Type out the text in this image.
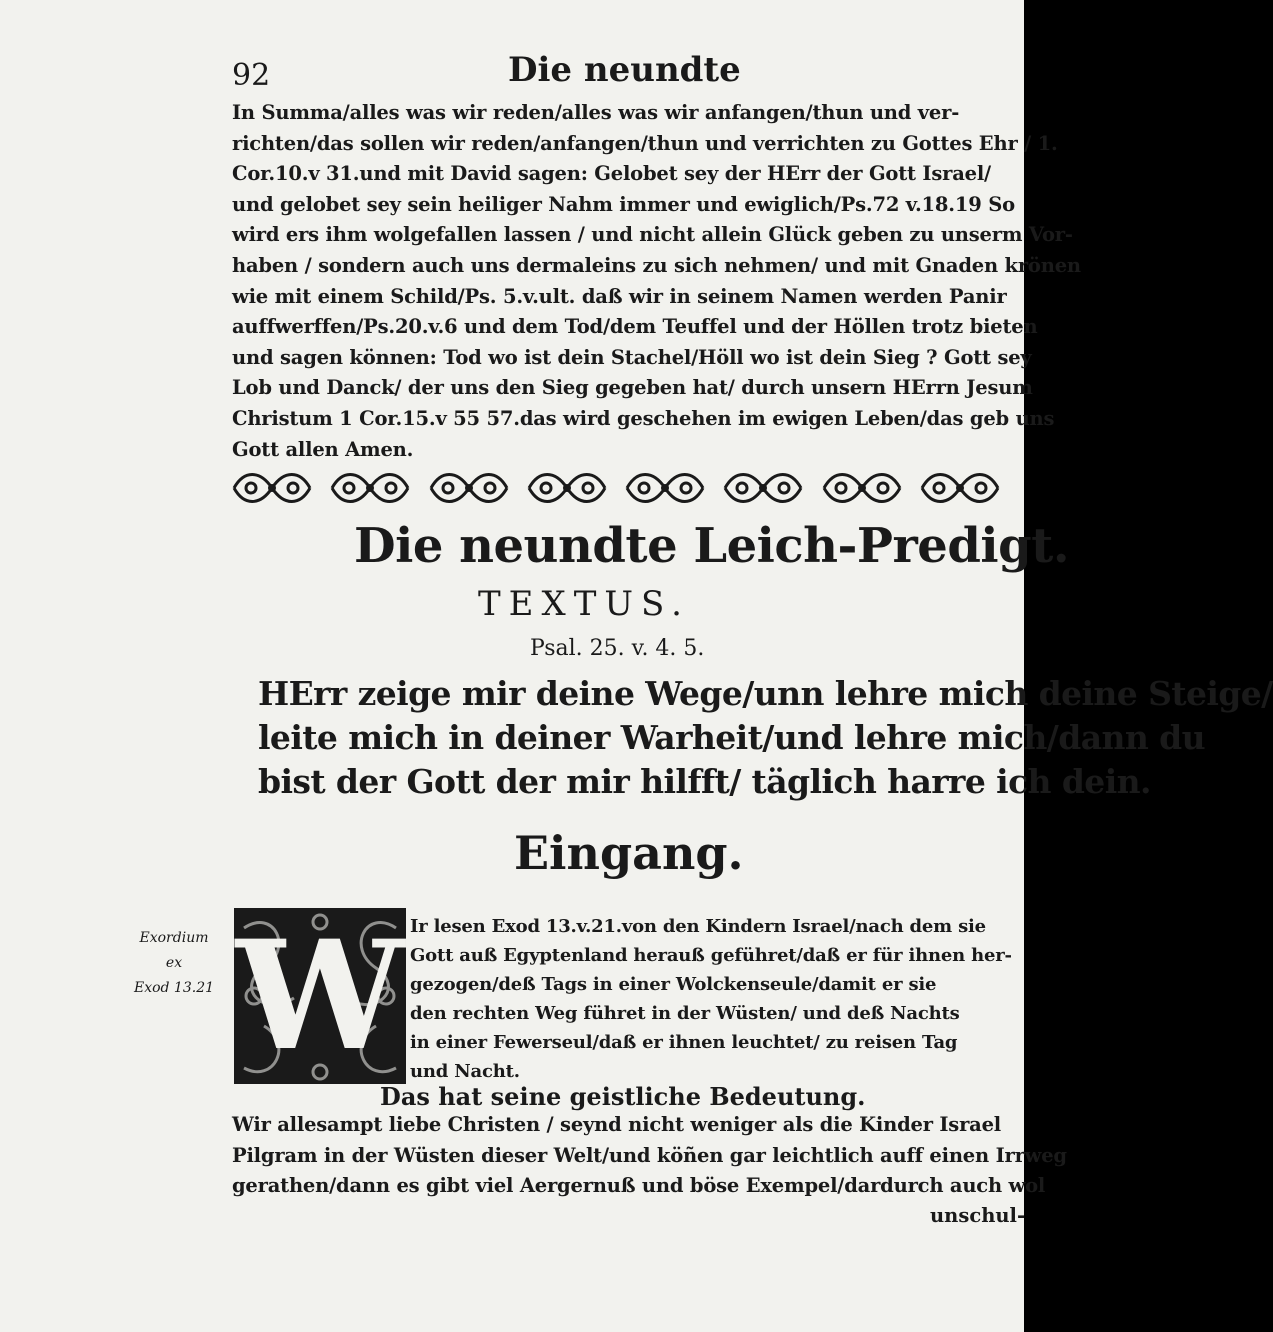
92	Die neundte
In Summa/alles was wir reden/alles was wir anfangen/thun und ver-
richten/das sollen wir reden/anfangen/thun und verrichten zu Gottes Ehr / 1.
Cor.10.v 31.und mit David sagen: Gelobet sey der HErr der Gott Israel/
und gelobet sey sein heiliger Nahm immer und ewiglich/Ps.72 v.18.19 So
wird ers ihm wolgefallen lassen / und nicht allein Glück geben zu unserm Vor-
haben / sondern auch uns dermaleins zu sich nehmen/ und mit Gnaden krönen
wie mit einem Schild/Ps. 5.v.ult. daß wir in seinem Namen werden Panir
auffwerffen/Ps.20.v.6 und dem Tod/dem Teuffel und der Höllen trotz bieten
und sagen können: Tod wo ist dein Stachel/Höll wo ist dein Sieg ? Gott sey
Lob und Danck/ der uns den Sieg gegeben hat/ durch unsern HErrn Jesum
Christum 1 Cor.15.v 55 57.das wird geschehen im ewigen Leben/das geb uns
Gott allen Amen.
Die neundte Leich-Predigt.
TEXTUS.
Psal. 25. v. 4. 5.
HErr zeige mir deine Wege/unn lehre mich deine Steige/
leite mich in deiner Warheit/und lehre mich/dann du
bist der Gott der mir hilfft/ täglich harre ich dein.
Eingang.
Exordium
ex
Exod 13.21 W Ir lesen Exod 13.v.21.von den Kindern Israel/nach dem sie
Gott auß Egyptenland herauß geführet/daß er für ihnen her-
gezogen/deß Tags in einer Wolckenseule/damit er sie
den rechten Weg führet in der Wüsten/ und deß Nachts
in einer Fewerseul/daß er ihnen leuchtet/ zu reisen Tag
und Nacht.
Das hat seine geistliche Bedeutung.
Wir allesampt liebe Christen / seynd nicht weniger als die Kinder Israel
Pilgram in der Wüsten dieser Welt/und köñen gar leichtlich auff einen Irrweg
gerathen/dann es gibt viel Aergernuß und böse Exempel/dardurch auch wol
unschul-
